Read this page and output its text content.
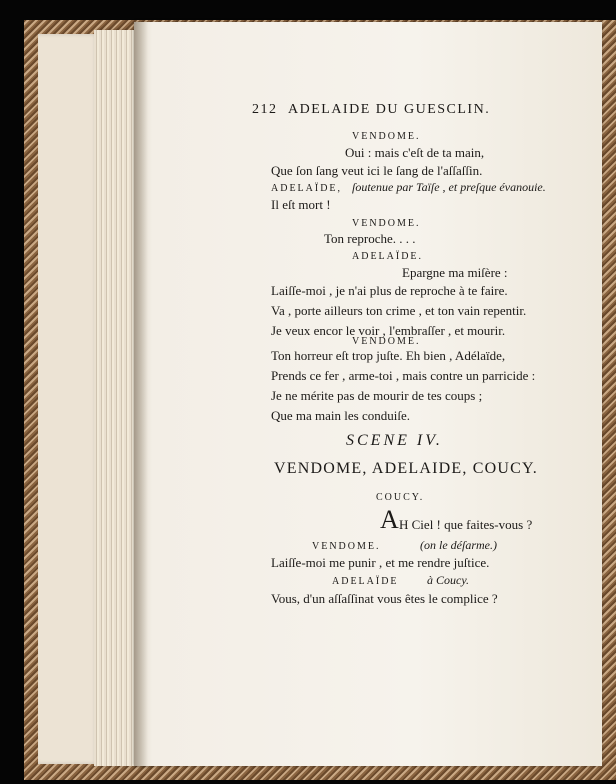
212 ADELAIDE DU GUESCLIN.
VENDOME.
Oui : mais c'eſt de ta main,
Que ſon ſang veut ici le ſang de l'aſſaſſin.
ADELAÏDE, ſoutenue par Taïſe , et preſque évanouie.
Il eſt mort !
VENDOME.
Ton reproche. . . .
ADELAÏDE.
Epargne ma miſère :
Laiſſe-moi , je n'ai plus de reproche à te faire.
Va , porte ailleurs ton crime , et ton vain repentir.
Je veux encor le voir , l'embraſſer , et mourir.
VENDOME.
Ton horreur eſt trop juſte. Eh bien , Adélaïde,
Prends ce fer , arme-toi , mais contre un parricide :
Je ne mérite pas de mourir de tes coups ;
Que ma main les conduiſe.
SCENE IV.
VENDOME, ADELAIDE, COUCY.
COUCY.
A H Ciel ! que faites-vous ?
VENDOME.	(on le déſarme.)
Laiſſe-moi me punir , et me rendre juſtice.
ADELAÏDE à Coucy.
Vous, d'un aſſaſſinat vous êtes le complice ?
